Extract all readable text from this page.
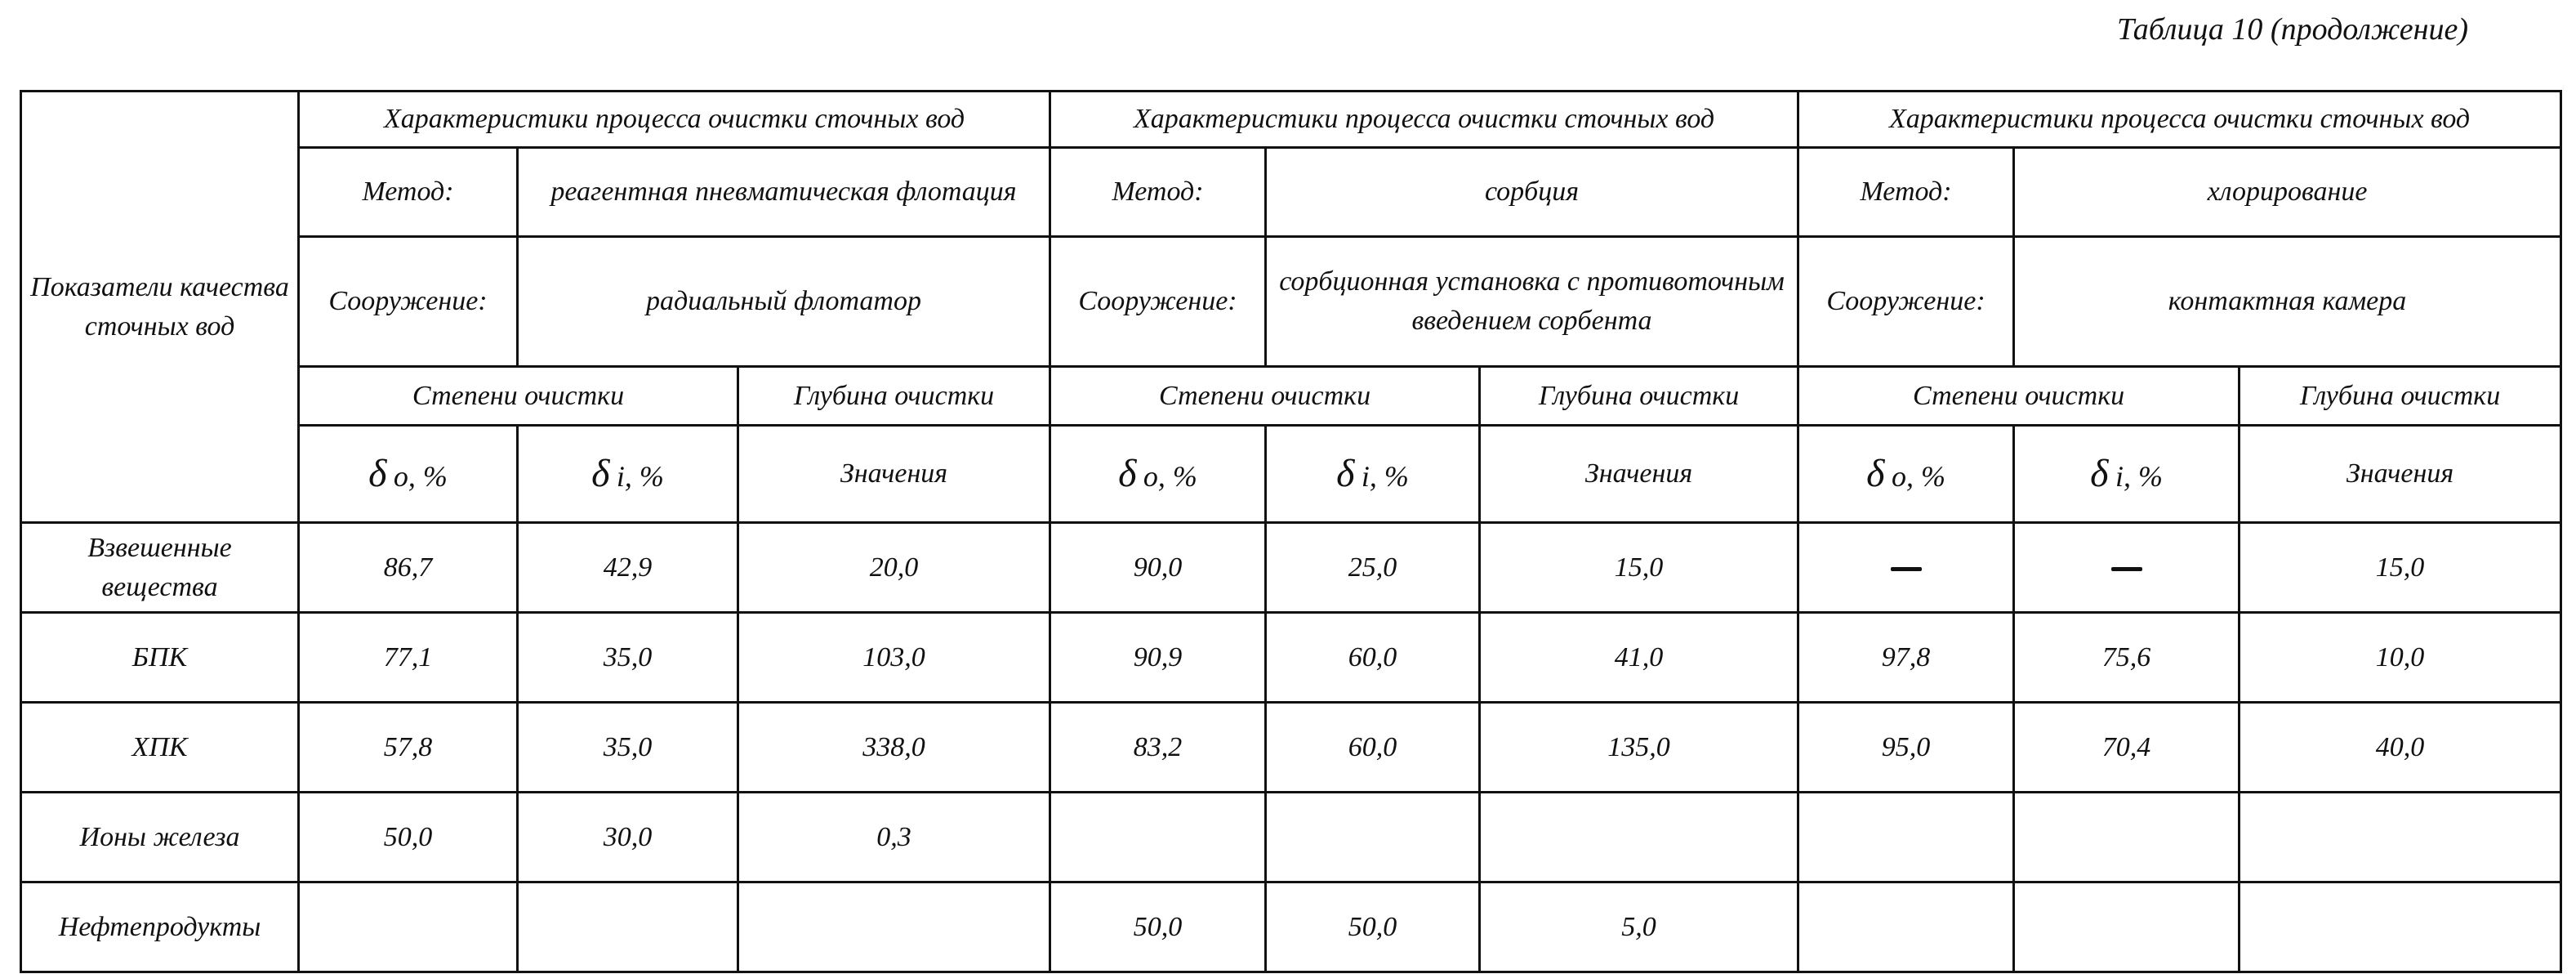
Таблица 10 (продолжение)

Показатели качества сточных вод	Характеристики процесса очистки сточных вод			Характеристики процесса очистки сточных вод			Характеристики процесса очистки сточных вод		
	Метод:	реагентная пневматическая флотация		Метод:	сорбция		Метод:	хлорирование	
	Сооружение:	радиальный флотатор		Сооружение:	сорбционная установка с противоточным введением сорбента		Сооружение:	контактная камера	
	Степени очистки		Глубина очистки	Степени очистки		Глубина очистки	Степени очистки		Глубина очистки
	δ о, %	δ i, %	Значения	δ о, %	δ i, %	Значения	δ о, %	δ i, %	Значения
Взвешенные вещества	86,7	42,9	20,0	90,0	25,0	15,0			15,0
БПК	77,1	35,0	103,0	90,9	60,0	41,0	97,8	75,6	10,0
ХПК	57,8	35,0	338,0	83,2	60,0	135,0	95,0	70,4	40,0
Ионы железа	50,0	30,0	0,3						
Нефтепродукты				50,0	50,0	5,0			
